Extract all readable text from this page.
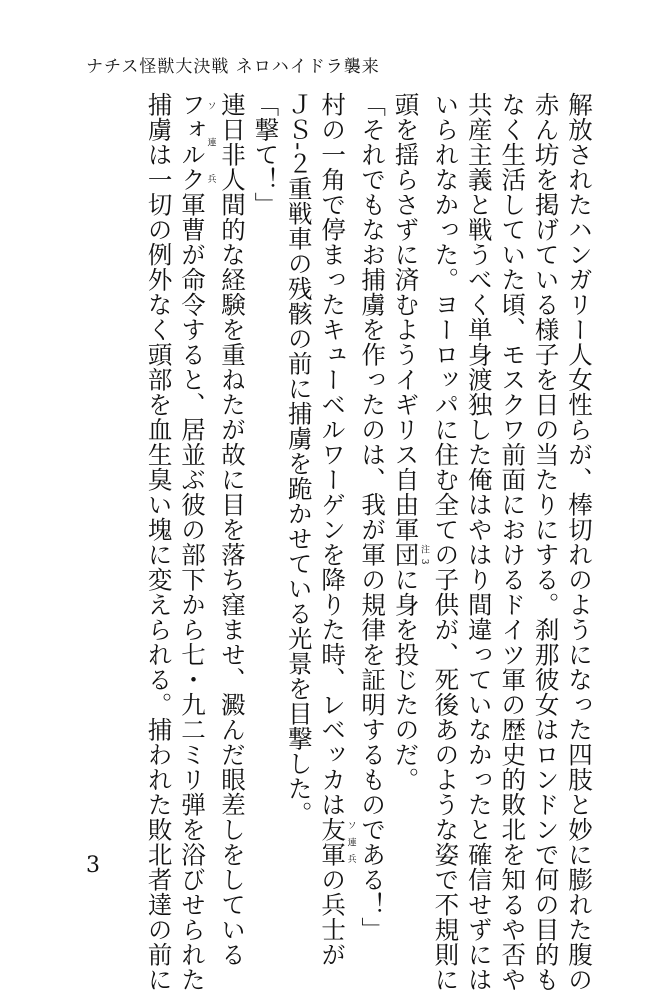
ナチス怪獣大決戦 ネロハイドラ襲来

解放されたハンガリー人女性らが、棒切れのようになった四肢と妙に膨れた腹の

赤ん坊を掲げている様子を日の当たりにする。刹那彼女はロンドンで何の目的も

なく生活していた頃、モスクワ前面におけるドイツ軍の歴史的敗北を知るや否や

共産主義と戦うべく単身渡独した俺はやはり間違っていなかったと確信せずには

いられなかった。ヨーロッパに住む全ての子供が、死後あのような姿で不規則に

頭を揺らさずに済むようイギリス自由軍団注3に身を投じたのだ。

「それでもなお捕虜を作ったのは、我が軍の規律を証明するものである！」

村の一角で停まったキューベルワーゲンを降りた時、レベッカは友軍ソ連兵の兵士が

ＪＳ‐２重戦車の残骸の前に捕虜を跪かせている光景を目撃した。

「撃て！」

連日非人間的な経験を重ねたが故に目を落ち窪ませ、澱んだ眼差しをしている

フォルクソ連兵軍曹が命令すると、居並ぶ彼の部下から七・九二ミリ弾を浴びせられた

捕虜は一切の例外なく頭部を血生臭い塊に変えられる。捕われた敗北者達の前に

3
